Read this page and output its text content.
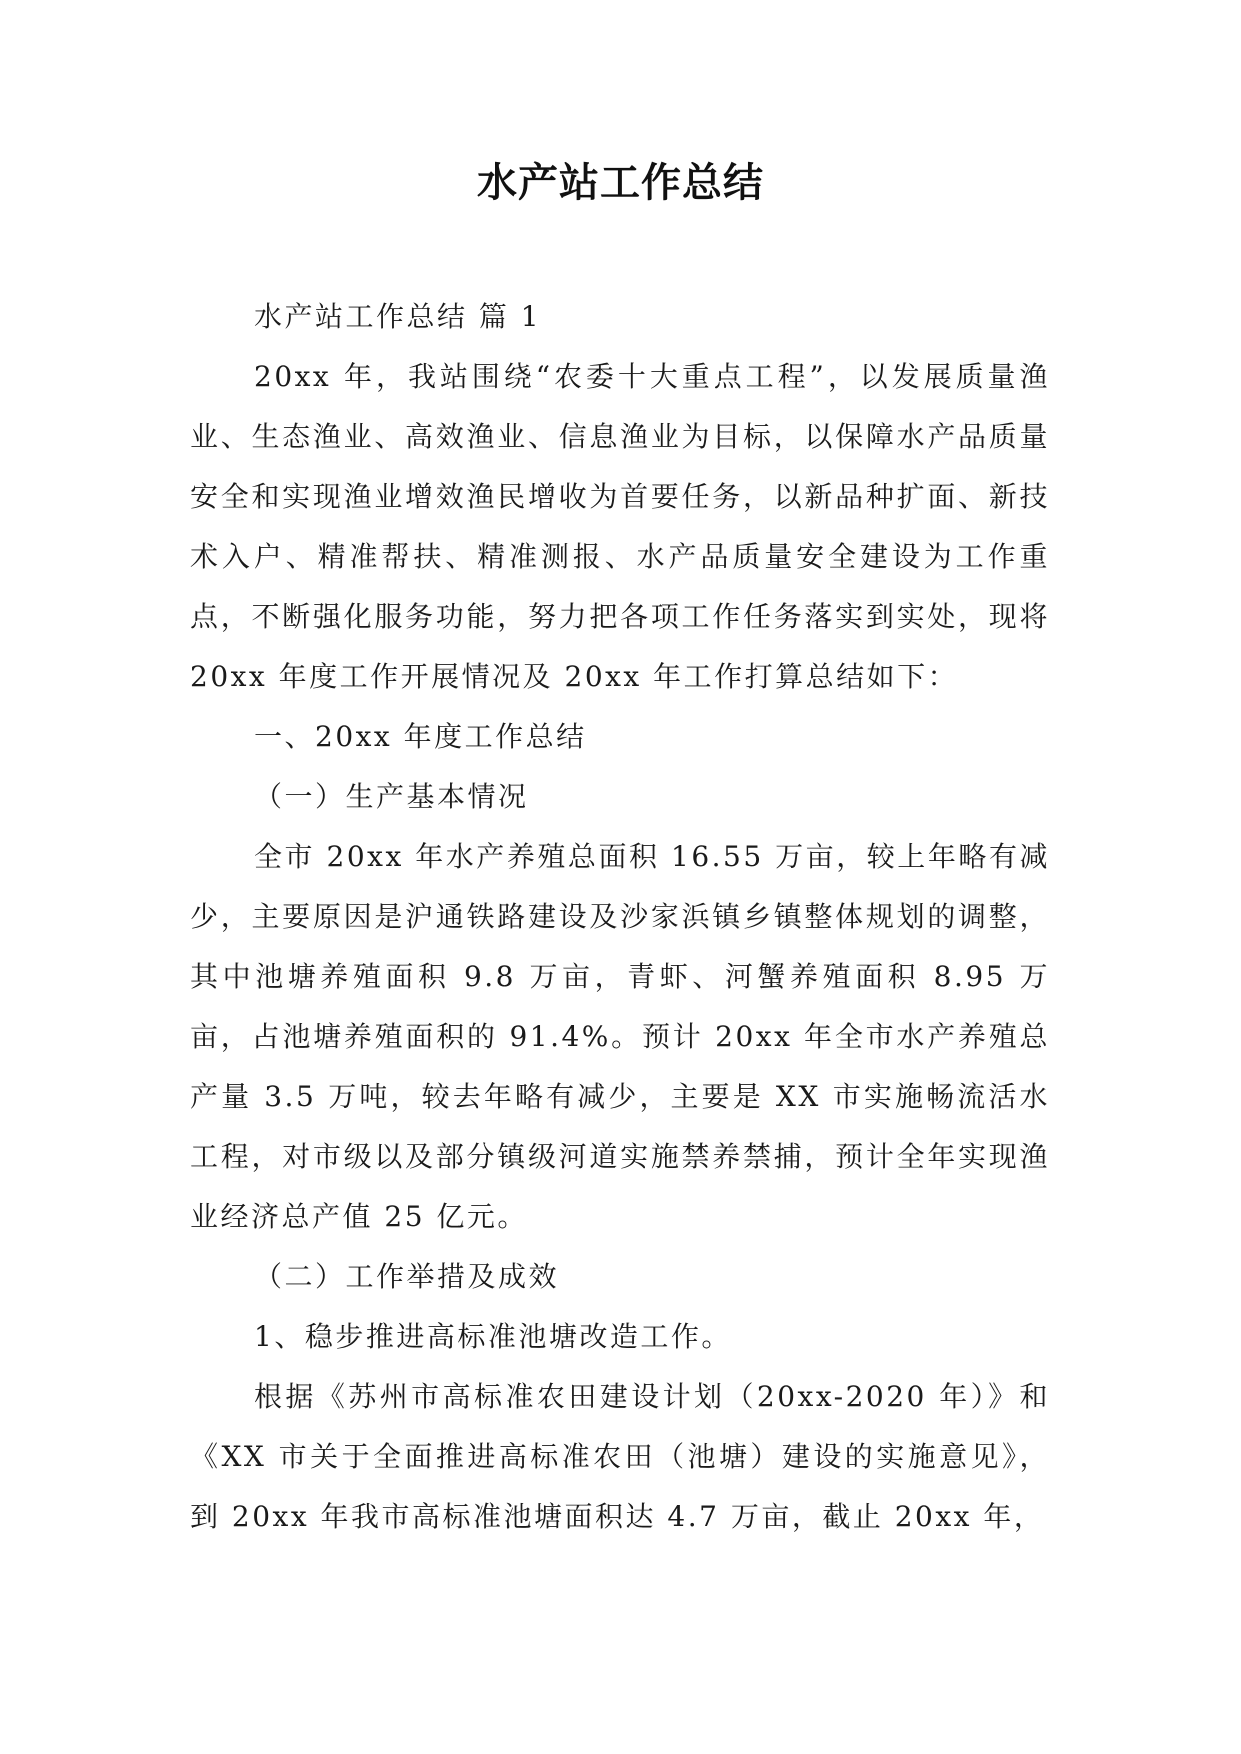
水产站工作总结

水产站工作总结 篇 1

20xx 年，我站围绕“农委十大重点工程”，以发展质量渔业、生态渔业、高效渔业、信息渔业为目标，以保障水产品质量安全和实现渔业增效渔民增收为首要任务，以新品种扩面、新技术入户、精准帮扶、精准测报、水产品质量安全建设为工作重点，不断强化服务功能，努力把各项工作任务落实到实处，现将 20xx 年度工作开展情况及 20xx 年工作打算总结如下：

一、20xx 年度工作总结

（一）生产基本情况

全市 20xx 年水产养殖总面积 16.55 万亩，较上年略有减少，主要原因是沪通铁路建设及沙家浜镇乡镇整体规划的调整，其中池塘养殖面积 9.8 万亩，青虾、河蟹养殖面积 8.95 万亩，占池塘养殖面积的 91.4%。预计 20xx 年全市水产养殖总产量 3.5 万吨，较去年略有减少，主要是 XX 市实施畅流活水工程，对市级以及部分镇级河道实施禁养禁捕，预计全年实现渔业经济总产值 25 亿元。

（二）工作举措及成效

1、稳步推进高标准池塘改造工作。

根据《苏州市高标准农田建设计划（20xx-2020 年）》和《XX 市关于全面推进高标准农田（池塘）建设的实施意见》，到 20xx 年我市高标准池塘面积达 4.7 万亩，截止 20xx 年，
